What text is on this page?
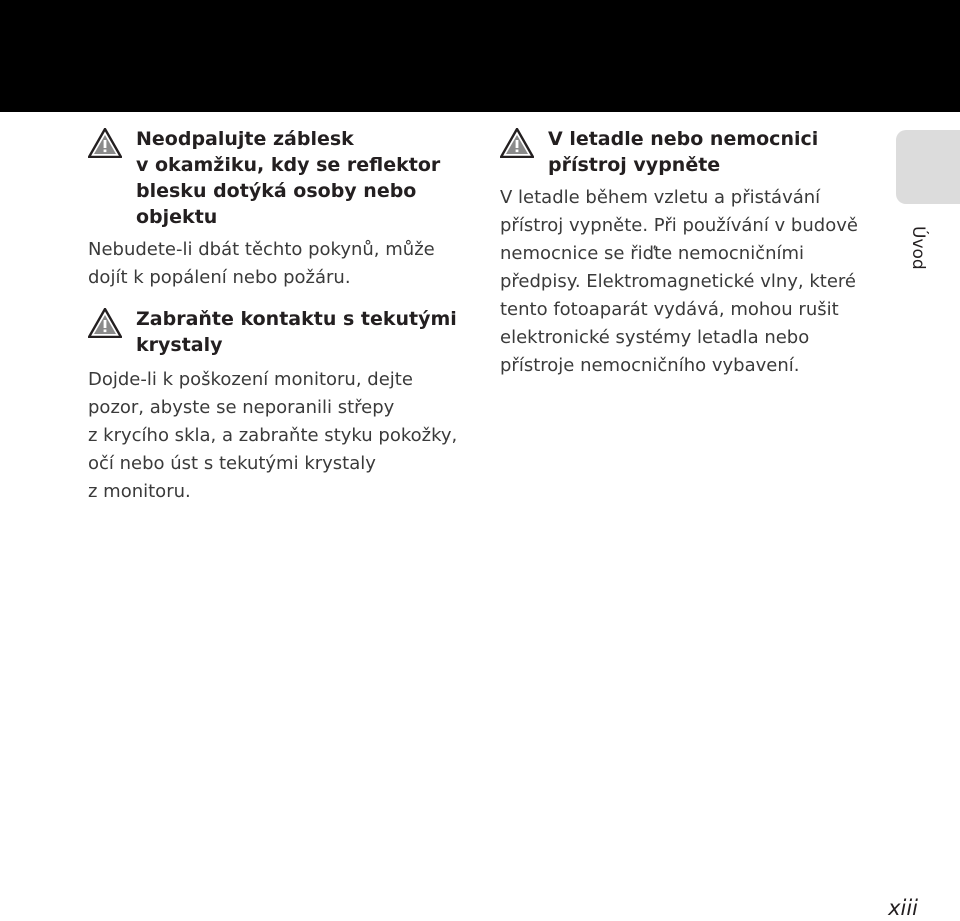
Neodpalujte záblesk
v okamžiku, kdy se reflektor
blesku dotýká osoby nebo
objektu

Nebudete-li dbát těchto pokynů, může
dojít k popálení nebo požáru.

Zabraňte kontaktu s tekutými
krystaly

Dojde-li k poškození monitoru, dejte
pozor, abyste se neporanili střepy
z krycího skla, a zabraňte styku pokožky,
očí nebo úst s tekutými krystaly
z monitoru.

V letadle nebo nemocnici
přístroj vypněte

V letadle během vzletu a přistávání
přístroj vypněte. Při používání v budově
nemocnice se řiďte nemocničními
předpisy. Elektromagnetické vlny, které
tento fotoaparát vydává, mohou rušit
elektronické systémy letadla nebo
přístroje nemocničního vybavení.

Úvod
xiii
